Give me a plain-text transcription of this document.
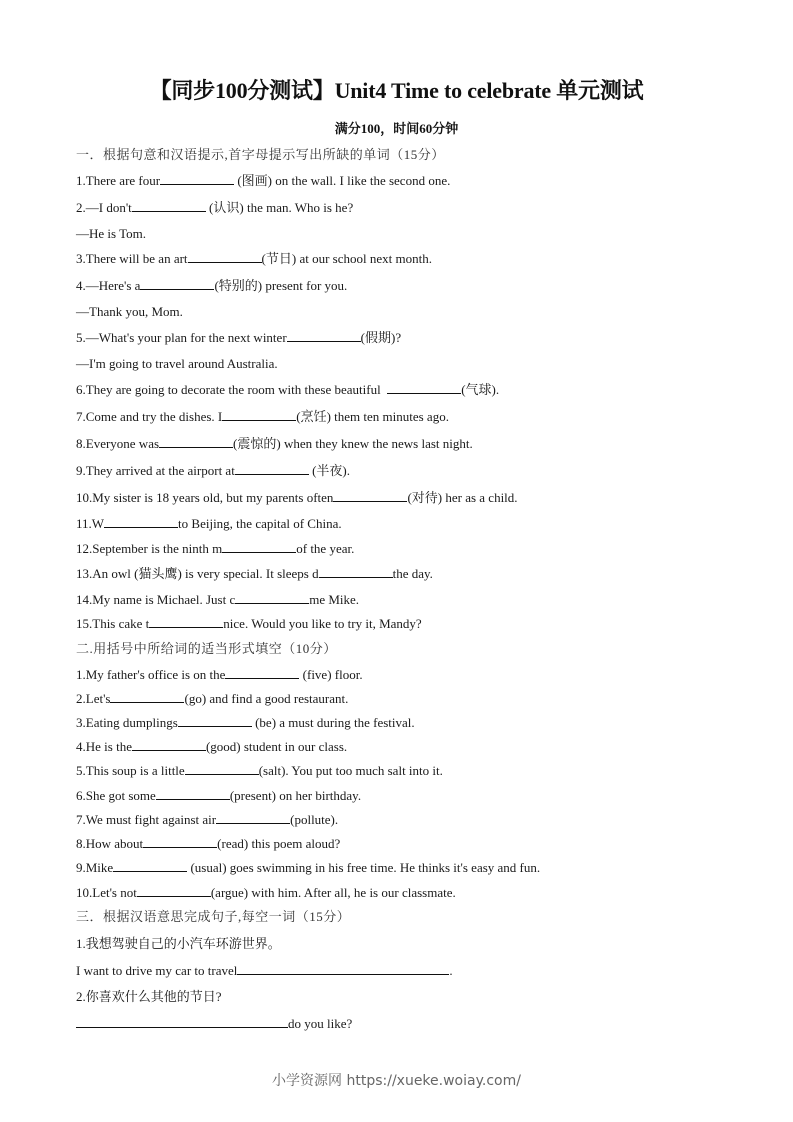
【同步100分测试】Unit4 Time to celebrate 单元测试
满分100，时间60分钟
一．根据句意和汉语提示,首字母提示写出所缺的单词（15分）
1.There are four	(图画) on the wall. I like the second one.
2.—I don't	(认识) the man. Who is he?
—He is Tom.
3.There will be an art	(节日) at our school next month.
4.—Here's a	(特别的) present for you.
—Thank you, Mom.
5.—What's your plan for the next winter	(假期)?
—I'm going to travel around Australia.
6.They are going to decorate the room with these beautiful	(气球).
7.Come and try the dishes. I	(烹饪) them ten minutes ago.
8.Everyone was	(震惊的) when they knew the news last night.
9.They arrived at the airport at	(半夜).
10.My sister is 18 years old, but my parents often	(对待) her as a child.
11.W	to Beijing, the capital of China.
12.September is the ninth m	of the year.
13.An owl (猫头鹰) is very special. It sleeps d	the day.
14.My name is Michael. Just c	me Mike.
15.This cake t	nice. Would you like to try it, Mandy?
二.用括号中所给词的适当形式填空（10分）
1.My father's office is on the	(five) floor.
2.Let's	(go) and find a good restaurant.
3.Eating dumplings	(be) a must during the festival.
4.He is the	(good) student in our class.
5.This soup is a little	(salt). You put too much salt into it.
6.She got some	(present) on her birthday.
7.We must fight against air	(pollute).
8.How about	(read) this poem aloud?
9.Mike	(usual) goes swimming in his free time. He thinks it's easy and fun.
10.Let's not	(argue) with him. After all, he is our classmate.
三．根据汉语意思完成句子,每空一词（15分）
1.我想驾驶自己的小汽车环游世界。
I want to drive my car to travel	.
2.你喜欢什么其他的节日?
do you like?
小学资源网 https://xueke.woiay.com/
